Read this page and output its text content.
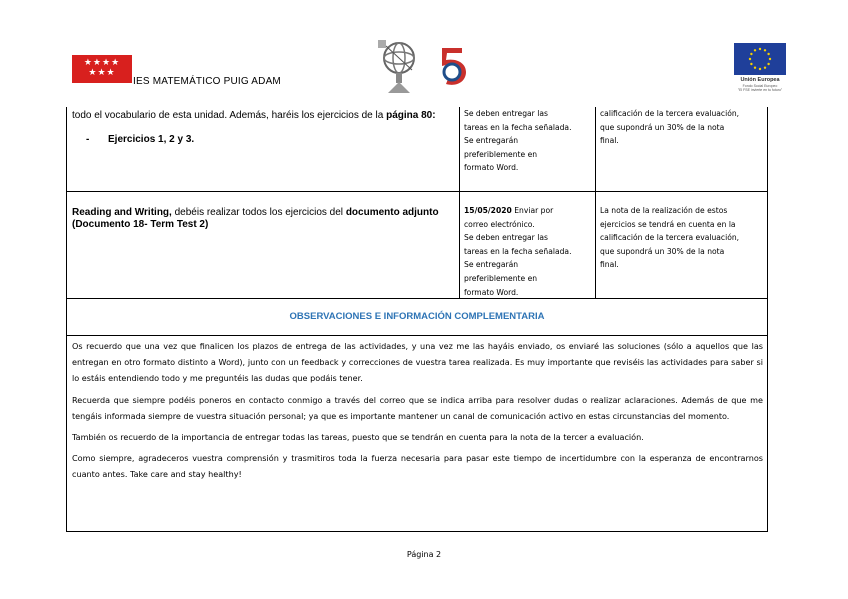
★★★★
★★★
IES MATEMÁTICO PUIG ADAM	Unión Europea
Fondo Social Europeo
"El FSE invierte en tu futuro"
todo el vocabulario de esta unidad. Además, haréis los ejercicios de la página 80:
-	Ejercicios 1, 2 y 3.
Se deben entregar las
tareas en la fecha señalada.
Se entregarán
preferiblemente en
formato Word.
calificación de la tercera evaluación,
que supondrá un 30% de la nota
final.
Reading and Writing, debéis realizar todos los ejercicios del documento adjunto (Documento 18- Term Test 2)
15/05/2020 Enviar por
correo electrónico.
Se deben entregar las
tareas en la fecha señalada.
Se entregarán
preferiblemente en
formato Word.
La nota de la realización de estos
ejercicios se tendrá en cuenta en la
calificación de la tercera evaluación,
que supondrá un 30% de la nota
final.
OBSERVACIONES E INFORMACIÓN COMPLEMENTARIA

Os recuerdo que una vez que finalicen los plazos de entrega de las actividades, y una vez me las hayáis enviado, os enviaré las soluciones (sólo a aquellos que las entregan en otro formato distinto a Word), junto con un feedback y correcciones de vuestra tarea realizada. Es muy importante que reviséis las actividades para saber si lo estáis entendiendo todo y me preguntéis las dudas que podáis tener.

Recuerda que siempre podéis poneros en contacto conmigo a través del correo que se indica arriba para resolver dudas o realizar aclaraciones. Además de que me tengáis informada siempre de vuestra situación personal; ya que es importante mantener un canal de comunicación activo en estas circunstancias del momento.

También os recuerdo de la importancia de entregar todas las tareas, puesto que se tendrán en cuenta para la nota de la tercer a evaluación.

Como siempre, agradeceros vuestra comprensión y trasmitiros toda la fuerza necesaria para pasar este tiempo de incertidumbre con la esperanza de encontrarnos cuanto antes. Take care and stay healthy!

Página 2
